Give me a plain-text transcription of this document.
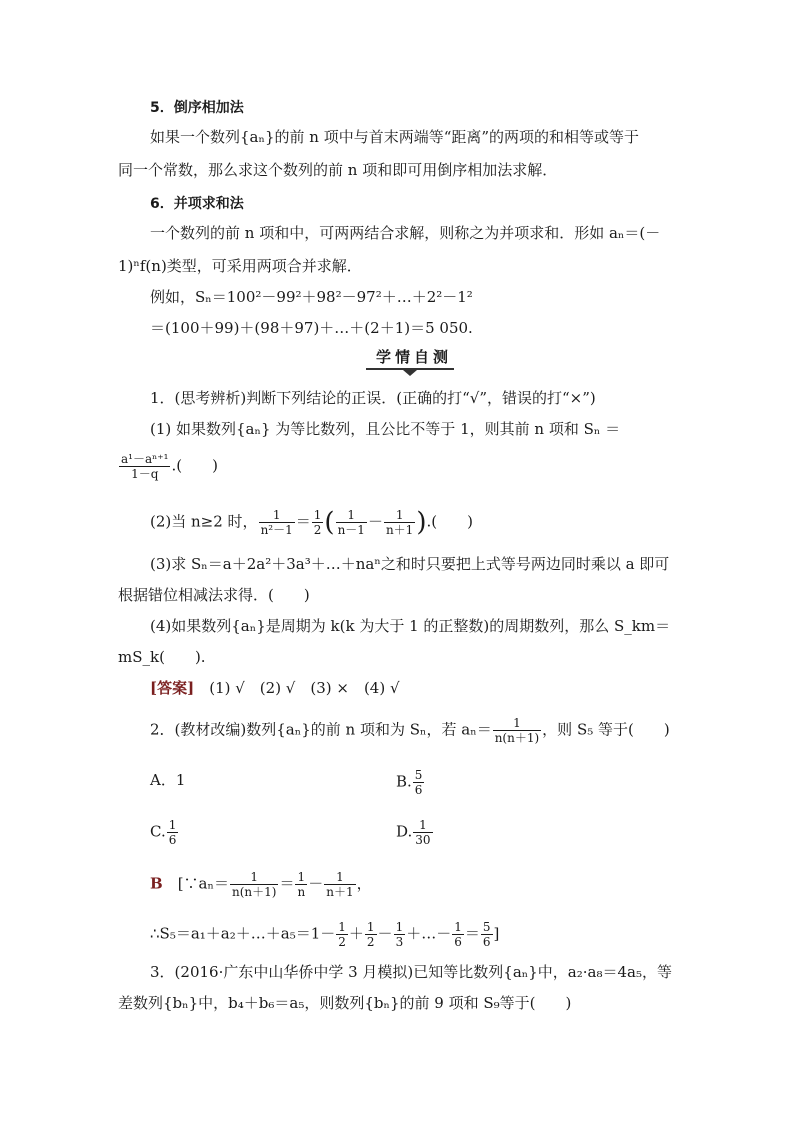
5．倒序相加法
如果一个数列{aₙ}的前 n 项中与首末两端等“距离”的两项的和相等或等于
同一个常数，那么求这个数列的前 n 项和即可用倒序相加法求解．
6．并项求和法
一个数列的前 n 项和中，可两两结合求解，则称之为并项求和．形如 aₙ＝(－
1)ⁿf(n)类型，可采用两项合并求解．
例如，Sₙ＝100²－99²＋98²－97²＋…＋2²－1²
＝(100＋99)＋(98＋97)＋…＋(2＋1)＝5 050.
学情自测
1．(思考辨析)判断下列结论的正误．(正确的打“√”，错误的打“×”)
(1) 如果数列{aₙ} 为等比数列，且公比不等于 1，则其前 n 项和 Sₙ ＝
$\frac{\text{a¹－aⁿ⁺¹}}{1-q}$ .(　　)
(2)当 n≥2 时， $\frac{1}{\text{n²－1}} = \frac{1}{2}$ ( $\frac{1}{n-1} - \frac{1}{n+1}$ ).(　　)
(3)求 Sₙ＝a＋2a²＋3a³＋…＋naⁿ之和时只要把上式等号两边同时乘以 a 即可
根据错位相减法求得．(　　)
(4)如果数列{aₙ}是周期为 k(k 为大于 1 的正整数)的周期数列，那么 S_km＝
mS_k(　　).
[答案]　 (1) √　(2) √　(3) ×　(4) √
2．(教材改编)数列{aₙ}的前 n 项和为 Sₙ，若 $a_n= \frac{1}{n(n+1)}$ ，则 S₅ 等于(　　)
A．1	B. $\frac{5}{6}$
C. $\frac{1}{6}$	D. $\frac{1}{30}$
B　 [∵aₙ＝ $\frac{1}{n(n+1)} = \frac{1}{n} - \frac{1}{n+1}$ ，
∴S₅＝a₁＋a₂＋…＋a₅＝1－ $\frac{1}{2} + \frac{1}{2} - \frac{1}{3}$ ＋…－ $\frac{1}{6} = \frac{5}{6}$ ]
3．(2016·广东中山华侨中学 3 月模拟)已知等比数列{aₙ}中，a₂·a₈＝4a₅，等
差数列{bₙ}中，b₄＋b₆＝a₅，则数列{bₙ}的前 9 项和 S₉等于(　　)
